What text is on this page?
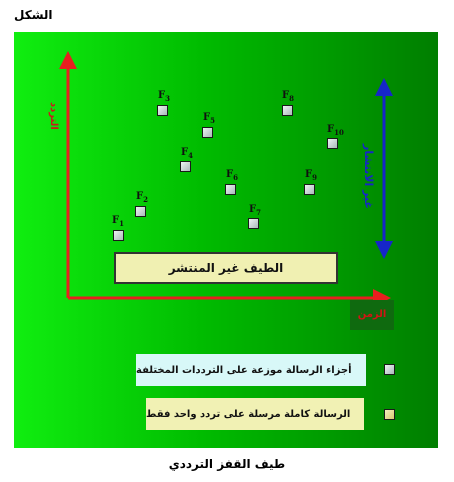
الشكل
التردد
الزمن
غير الانتشار
$F_1$
$F_2$
$F_3$
$F_4$
$F_5$
$F_6$
$F_7$
$F_8$
$F_9$
$F_{10}$
الطيف غير المنتشر
أجزاء الرسالة موزعة على الترددات المختلفة
الرسالة كاملة مرسلة على تردد واحد فقط
طيف القفز الترددي
